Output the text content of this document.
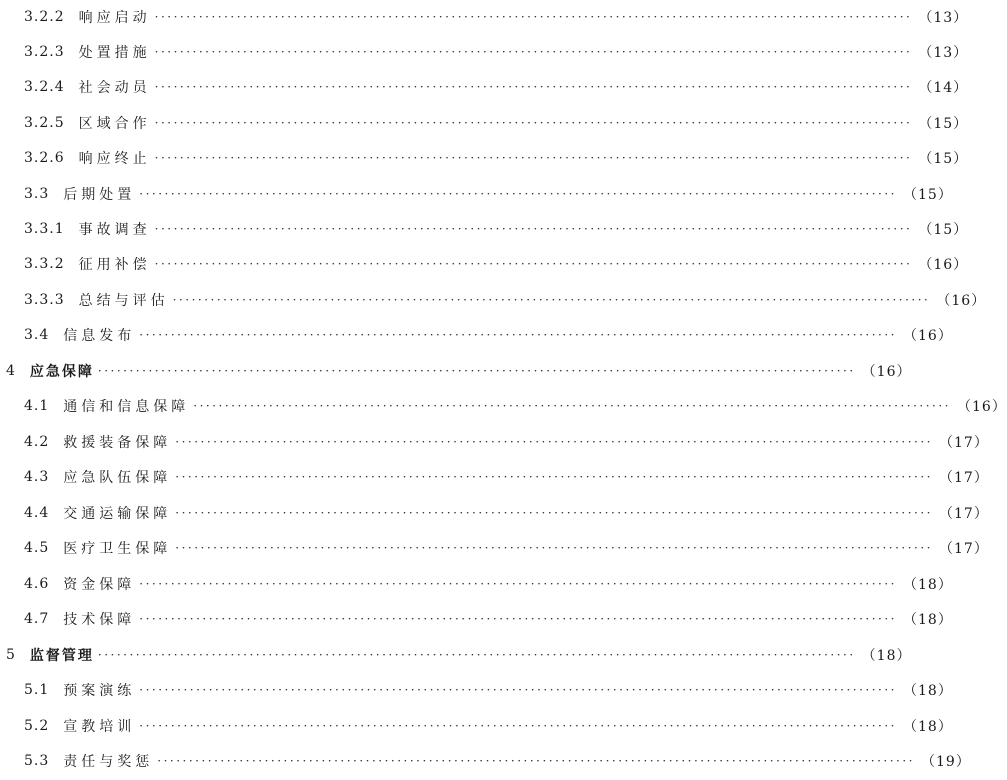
3.2.2 响应启动 ························································································································ （13）
3.2.3 处置措施 ························································································································ （13）
3.2.4 社会动员 ························································································································ （14）
3.2.5 区域合作 ························································································································ （15）
3.2.6 响应终止 ························································································································ （15）
3.3 后期处置 ························································································································ （15）
3.3.1 事故调查 ························································································································ （15）
3.3.2 征用补偿 ························································································································ （16）
3.3.3 总结与评估 ························································································································ （16）
3.4 信息发布 ························································································································ （16）
4 应急保障 ························································································································ （16）
4.1 通信和信息保障 ························································································································ （16）
4.2 救援装备保障 ························································································································ （17）
4.3 应急队伍保障 ························································································································ （17）
4.4 交通运输保障 ························································································································ （17）
4.5 医疗卫生保障 ························································································································ （17）
4.6 资金保障 ························································································································ （18）
4.7 技术保障 ························································································································ （18）
5 监督管理 ························································································································ （18）
5.1 预案演练 ························································································································ （18）
5.2 宣教培训 ························································································································ （18）
5.3 责任与奖惩 ························································································································ （19）
